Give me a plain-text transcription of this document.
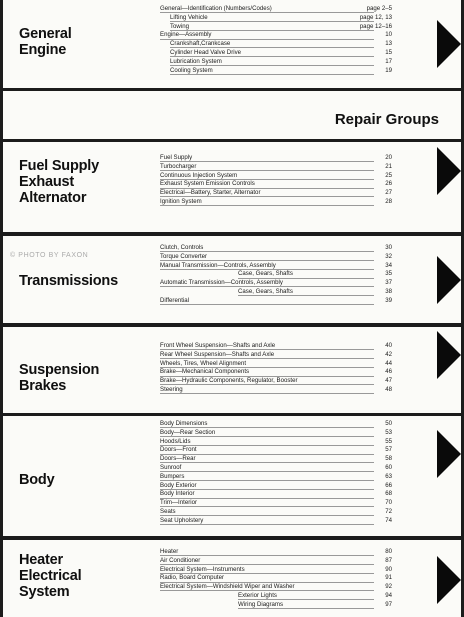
General
Engine
General—Identification (Numbers/Codes)	page 2–5
Lifting Vehicle	page 12, 13
Towing	page 12–16
Engine—Assembly	10
Crankshaft,Crankcase	13
Cylinder Head Valve Drive	15
Lubrication System	17
Cooling System	19
Repair Groups
Fuel Supply
Exhaust
Alternator
Fuel Supply	20
Turbocharger	21
Continuous Injection System	25
Exhaust System Emission Controls	26
Electrical—Battery, Starter, Alternator	27
Ignition System	28
Transmissions
Clutch, Controls	30
Torque Converter	32
Manual Transmission—Controls, Assembly	34
Case, Gears, Shafts	35
Automatic Transmission—Controls, Assembly	37
Case, Gears, Shafts	38
Differential	39
Suspension
Brakes
Front Wheel Suspension—Shafts and Axle	40
Rear Wheel Suspension—Shafts and Axle	42
Wheels, Tires, Wheel Alignment	44
Brake—Mechanical Components	46
Brake—Hydraulic Components, Regulator, Booster	47
Steering	48
Body
Body Dimensions	50
Body—Rear Section	53
Hoods/Lids	55
Doors—Front	57
Doors—Rear	58
Sunroof	60
Bumpers	63
Body Exterior	66
Body Interior	68
Trim—Interior	70
Seats	72
Seat Upholstery	74
Heater
Electrical
System
Heater	80
Air Conditioner	87
Electrical System—Instruments	90
Radio, Board Computer	91
Electrical System—Windshield Wiper and Washer	92
Exterior Lights	94
Wiring Diagrams	97
© PHOTO BY FAXON
